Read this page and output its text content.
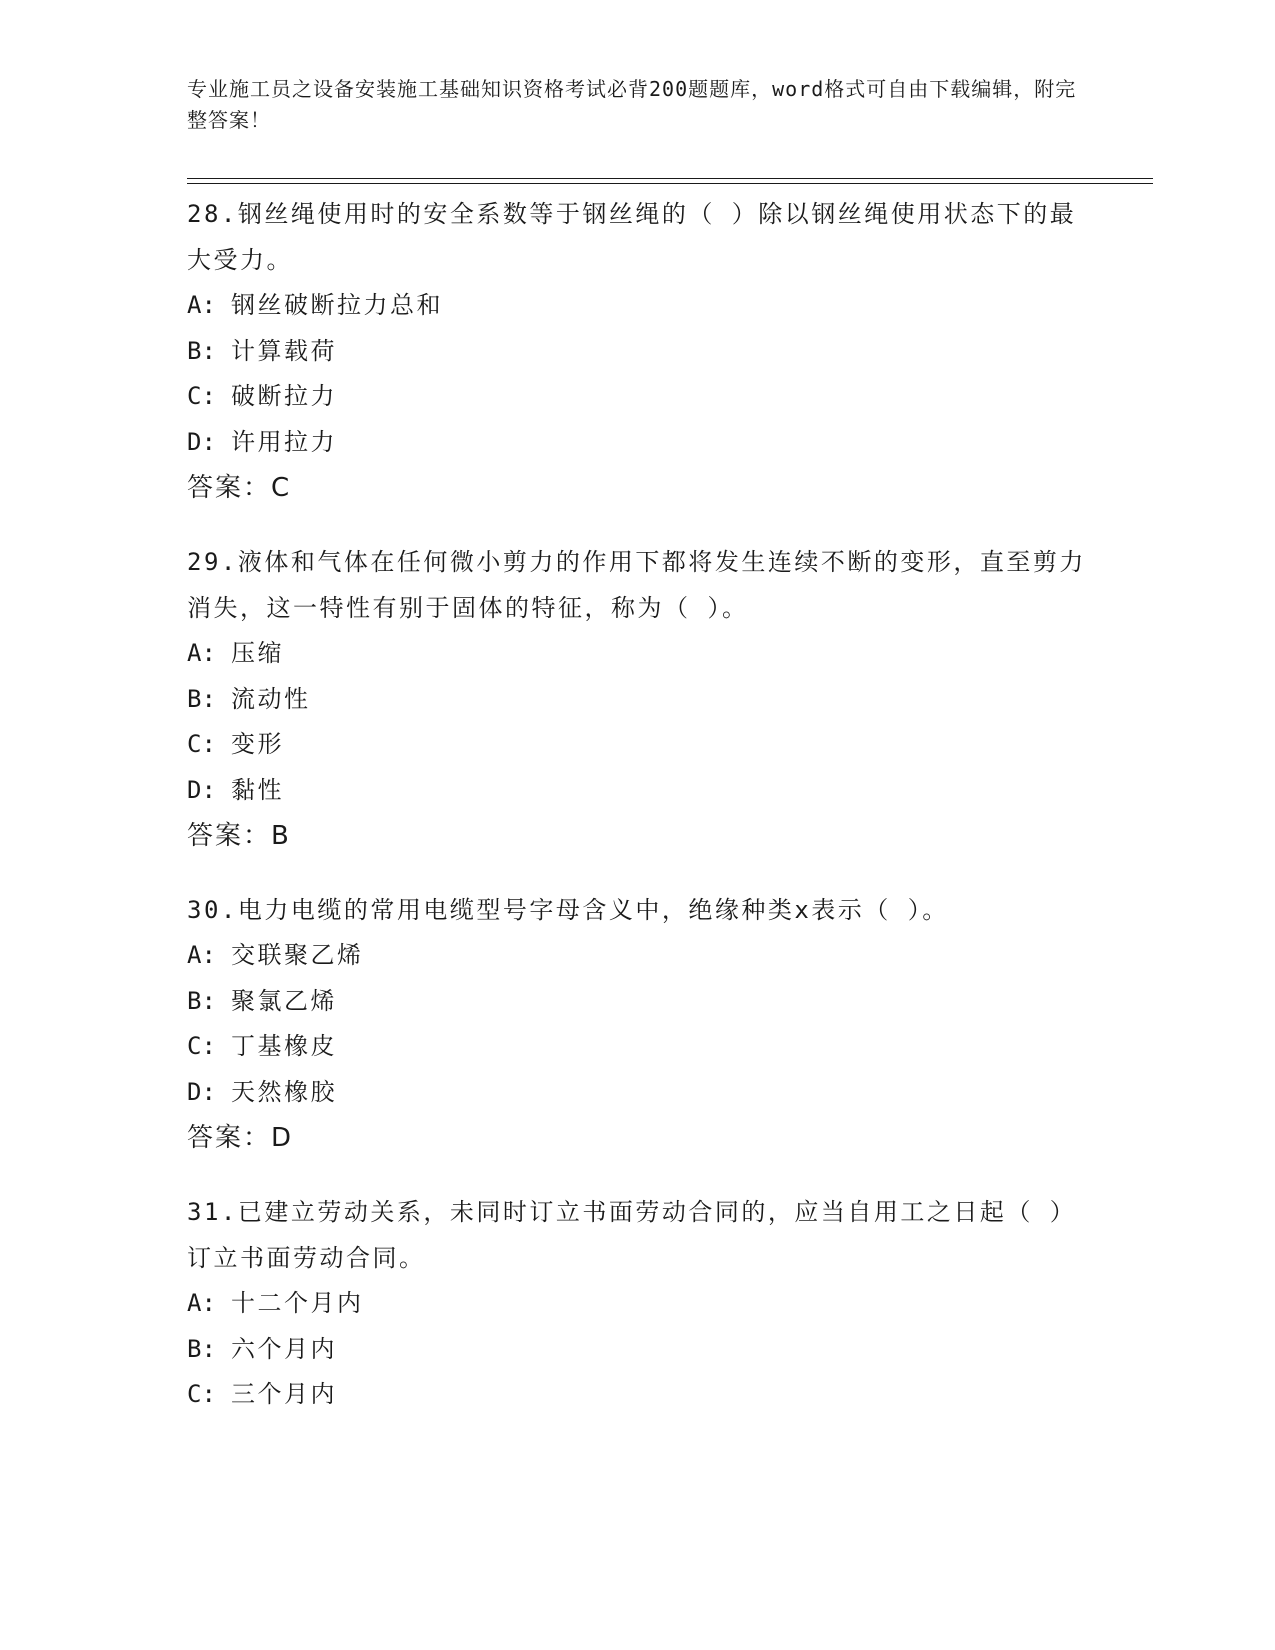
专业施工员之设备安装施工基础知识资格考试必背200题题库，word格式可自由下载编辑，附完整答案！
28.钢丝绳使用时的安全系数等于钢丝绳的（ ）除以钢丝绳使用状态下的最大受力。
A: 钢丝破断拉力总和
B: 计算载荷
C: 破断拉力
D: 许用拉力
答案：C
29.液体和气体在任何微小剪力的作用下都将发生连续不断的变形，直至剪力消失，这一特性有别于固体的特征，称为（ ）。
A: 压缩
B: 流动性
C: 变形
D: 黏性
答案：B
30.电力电缆的常用电缆型号字母含义中，绝缘种类x表示（ ）。
A: 交联聚乙烯
B: 聚氯乙烯
C: 丁基橡皮
D: 天然橡胶
答案：D
31.已建立劳动关系，未同时订立书面劳动合同的，应当自用工之日起（ ）订立书面劳动合同。
A: 十二个月内
B: 六个月内
C: 三个月内
